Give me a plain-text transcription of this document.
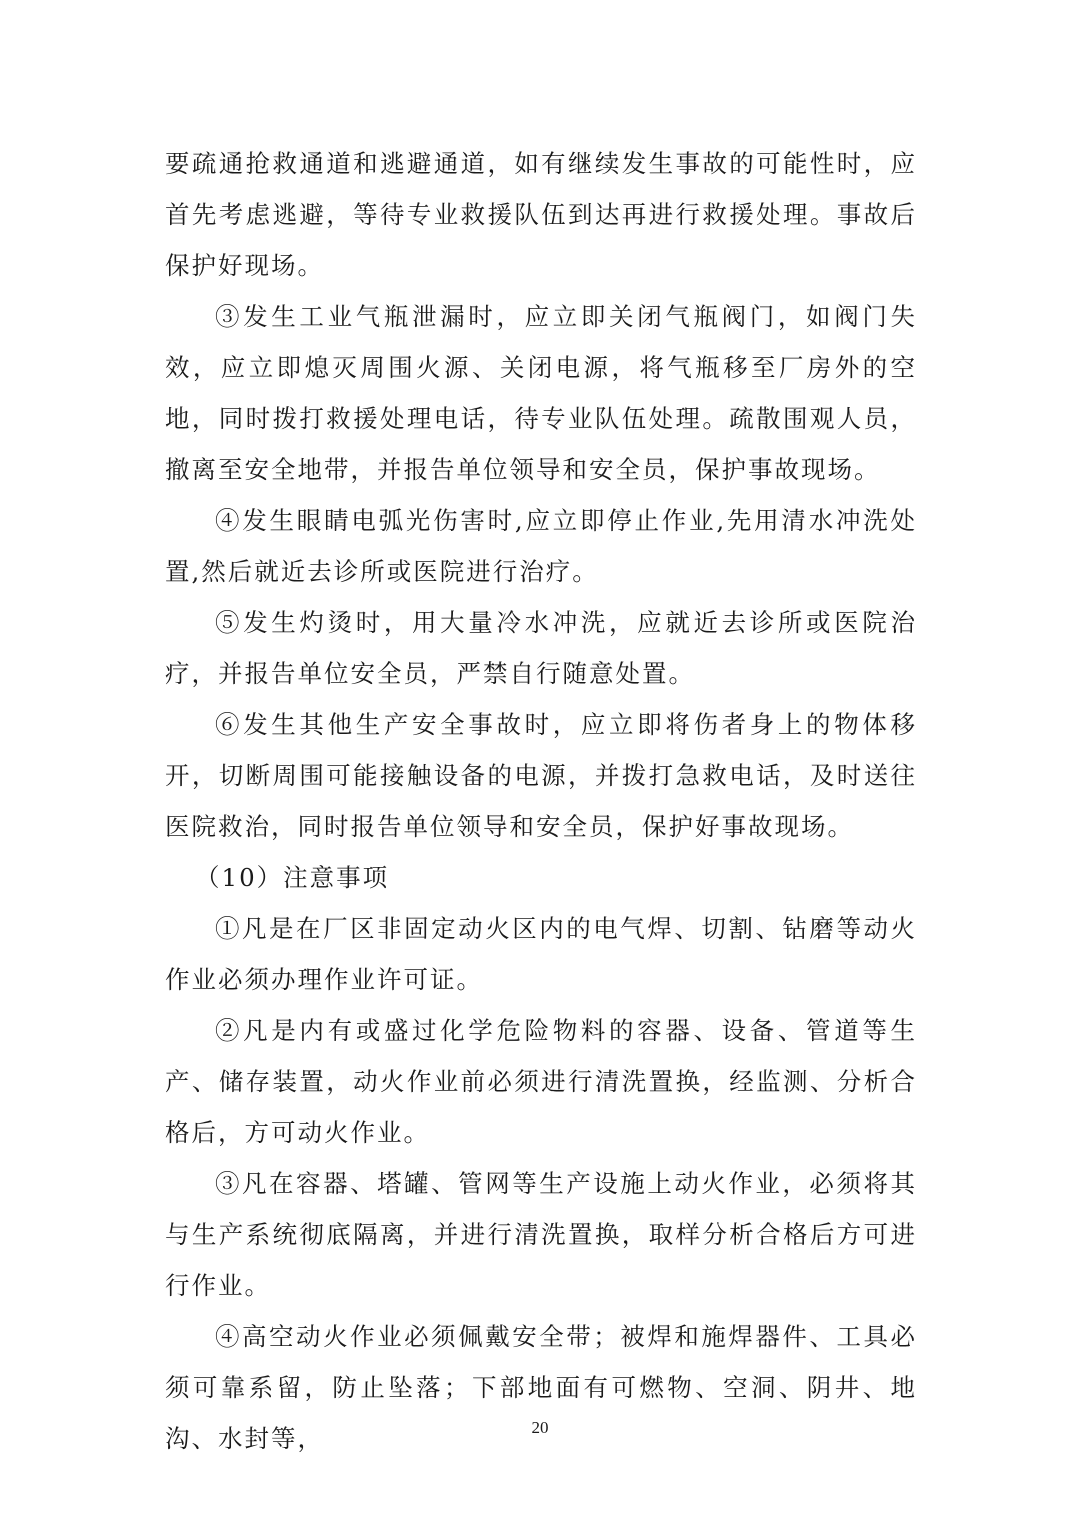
要疏通抢救通道和逃避通道，如有继续发生事故的可能性时，应首先考虑逃避，等待专业救援队伍到达再进行救援处理。事故后保护好现场。

③发生工业气瓶泄漏时，应立即关闭气瓶阀门，如阀门失效，应立即熄灭周围火源、关闭电源，将气瓶移至厂房外的空地，同时拨打救援处理电话，待专业队伍处理。疏散围观人员，撤离至安全地带，并报告单位领导和安全员，保护事故现场。

④发生眼睛电弧光伤害时,应立即停止作业,先用清水冲洗处置,然后就近去诊所或医院进行治疗。

⑤发生灼烫时，用大量冷水冲洗，应就近去诊所或医院治疗，并报告单位安全员，严禁自行随意处置。

⑥发生其他生产安全事故时，应立即将伤者身上的物体移开，切断周围可能接触设备的电源，并拨打急救电话，及时送往医院救治，同时报告单位领导和安全员，保护好事故现场。

（10）注意事项

①凡是在厂区非固定动火区内的电气焊、切割、钻磨等动火作业必须办理作业许可证。

②凡是内有或盛过化学危险物料的容器、设备、管道等生产、储存装置，动火作业前必须进行清洗置换，经监测、分析合格后，方可动火作业。

③凡在容器、塔罐、管网等生产设施上动火作业，必须将其与生产系统彻底隔离，并进行清洗置换，取样分析合格后方可进行作业。

④高空动火作业必须佩戴安全带；被焊和施焊器件、工具必须可靠系留，防止坠落；下部地面有可燃物、空洞、阴井、地沟、水封等，	20
